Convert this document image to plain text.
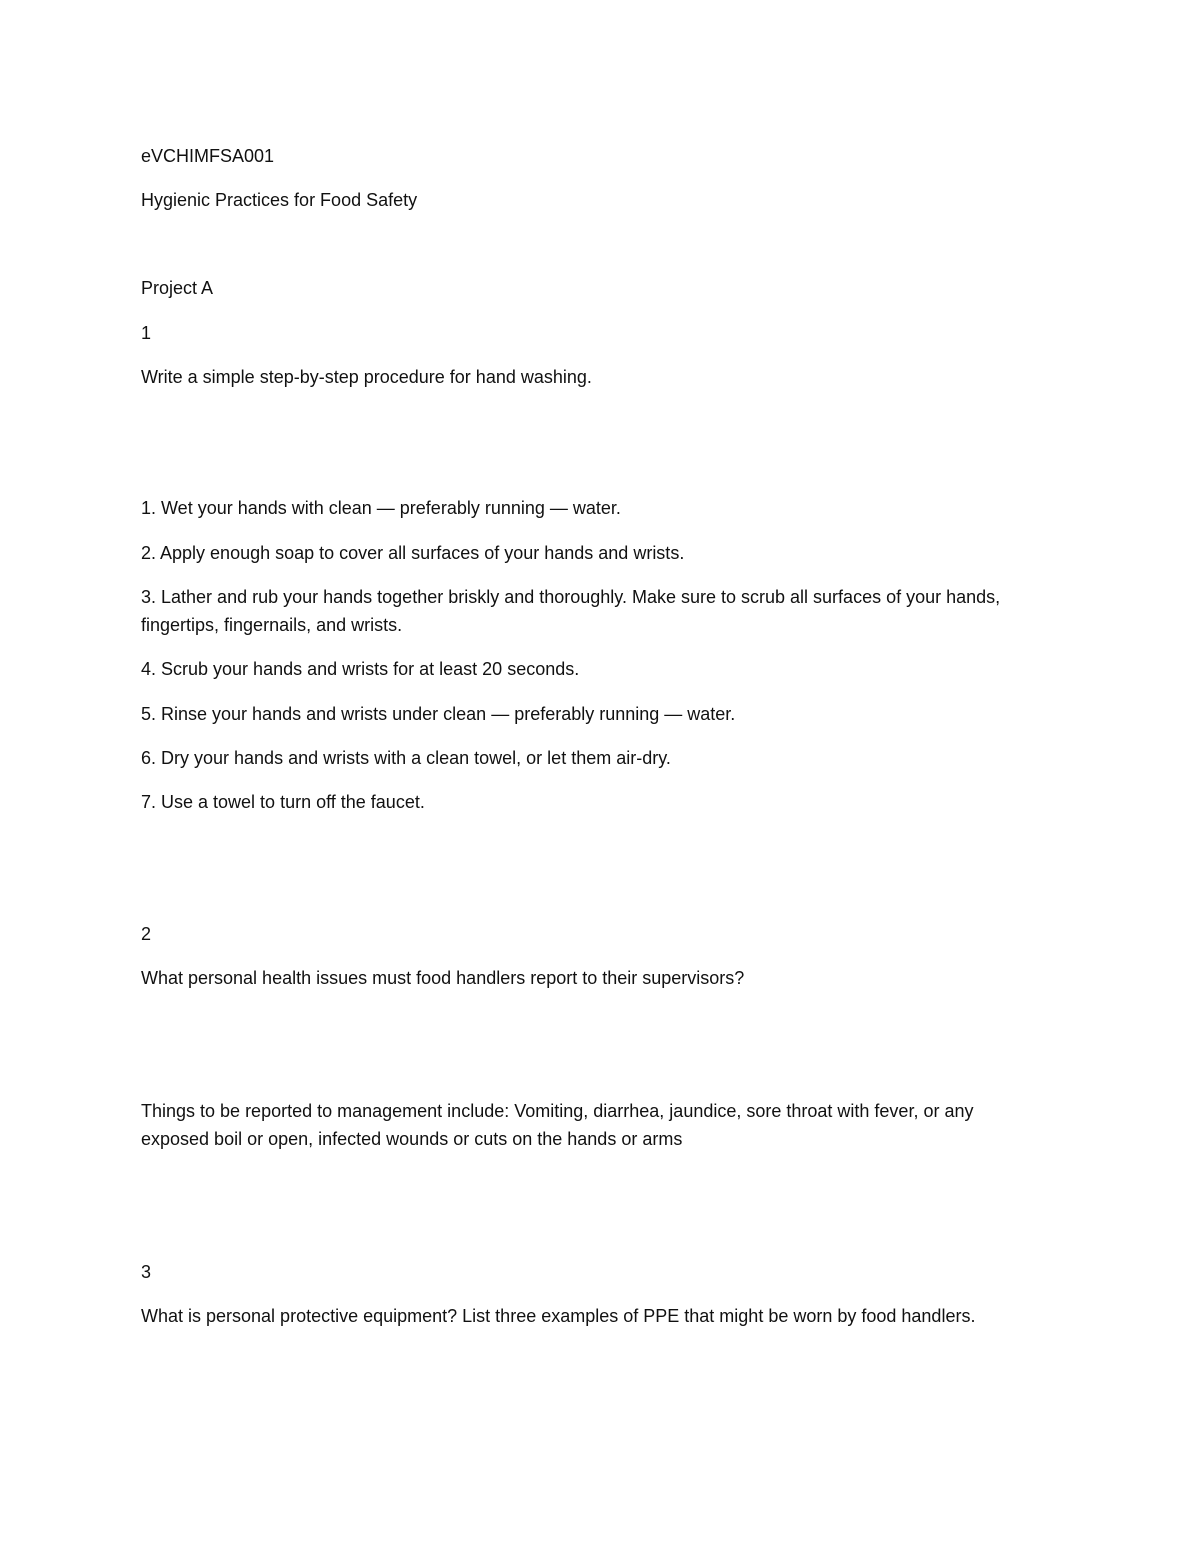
eVCHIMFSA001
Hygienic Practices for Food Safety
Project A
1
Write a simple step-by-step procedure for hand washing.
1. Wet your hands with clean — preferably running — water.
2. Apply enough soap to cover all surfaces of your hands and wrists.
3. Lather and rub your hands together briskly and thoroughly. Make sure to scrub all surfaces of your hands, fingertips, fingernails, and wrists.
4. Scrub your hands and wrists for at least 20 seconds.
5. Rinse your hands and wrists under clean — preferably running — water.
6. Dry your hands and wrists with a clean towel, or let them air-dry.
7. Use a towel to turn off the faucet.
2
What personal health issues must food handlers report to their supervisors?
Things to be reported to management include: Vomiting, diarrhea, jaundice, sore throat with fever, or any exposed boil or open, infected wounds or cuts on the hands or arms
3
What is personal protective equipment? List three examples of PPE that might be worn by food handlers.
